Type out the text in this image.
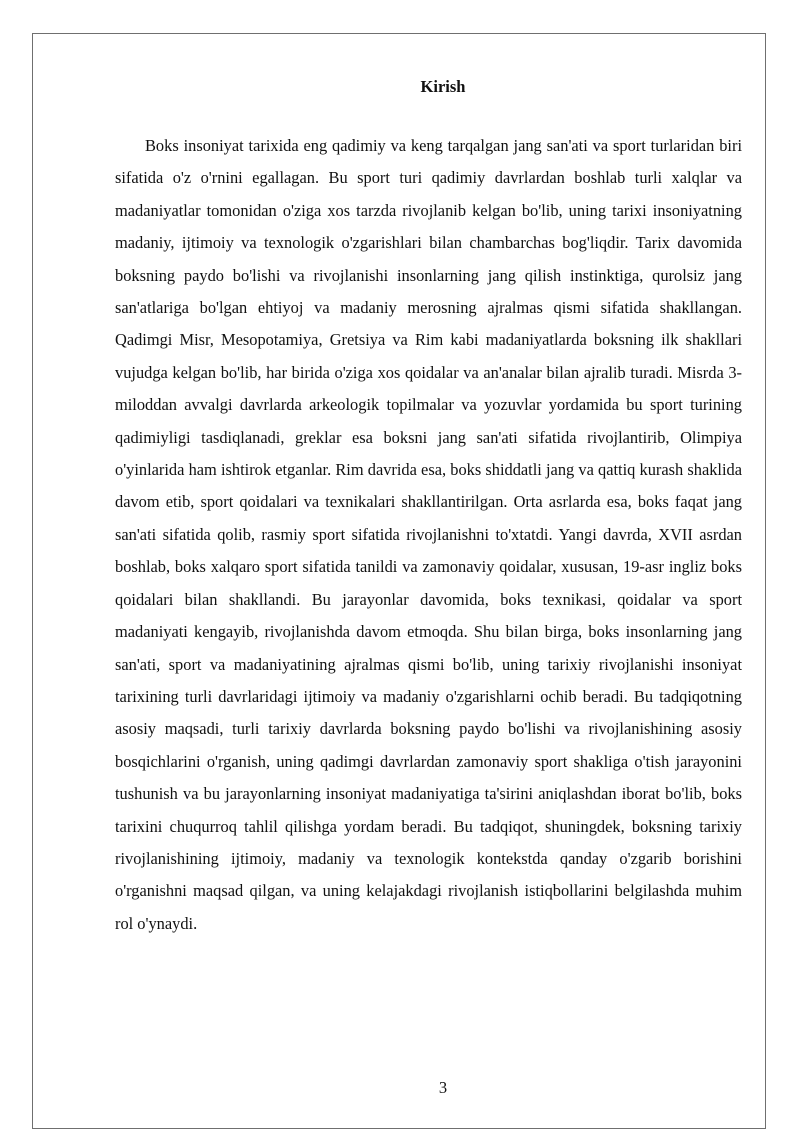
Kirish

Boks insoniyat tarixida eng qadimiy va keng tarqalgan jang san'ati va sport turlaridan biri sifatida o'z o'rnini egallagan. Bu sport turi qadimiy davrlardan boshlab turli xalqlar va madaniyatlar tomonidan o'ziga xos tarzda rivojlanib kelgan bo'lib, uning tarixi insoniyatning madaniy, ijtimoiy va texnologik o'zgarishlari bilan chambarchas bog'liqdir. Tarix davomida boksning paydo bo'lishi va rivojlanishi insonlarning jang qilish instinktiga, qurolsiz jang san'atlariga bo'lgan ehtiyoj va madaniy merosning ajralmas qismi sifatida shakllangan. Qadimgi Misr, Mesopotamiya, Gretsiya va Rim kabi madaniyatlarda boksning ilk shakllari vujudga kelgan bo'lib, har birida o'ziga xos qoidalar va an'analar bilan ajralib turadi. Misrda 3-miloddan avvalgi davrlarda arkeologik topilmalar va yozuvlar yordamida bu sport turining qadimiyligi tasdiqlanadi, greklar esa boksni jang san'ati sifatida rivojlantirib, Olimpiya o'yinlarida ham ishtirok etganlar. Rim davrida esa, boks shiddatli jang va qattiq kurash shaklida davom etib, sport qoidalari va texnikalari shakllantirilgan. Orta asrlarda esa, boks faqat jang san'ati sifatida qolib, rasmiy sport sifatida rivojlanishni to'xtatdi. Yangi davrda, XVII asrdan boshlab, boks xalqaro sport sifatida tanildi va zamonaviy qoidalar, xususan, 19-asr ingliz boks qoidalari bilan shakllandi. Bu jarayonlar davomida, boks texnikasi, qoidalar va sport madaniyati kengayib, rivojlanishda davom etmoqda. Shu bilan birga, boks insonlarning jang san'ati, sport va madaniyatining ajralmas qismi bo'lib, uning tarixiy rivojlanishi insoniyat tarixining turli davrlaridagi ijtimoiy va madaniy o'zgarishlarni ochib beradi. Bu tadqiqotning asosiy maqsadi, turli tarixiy davrlarda boksning paydo bo'lishi va rivojlanishining asosiy bosqichlarini o'rganish, uning qadimgi davrlardan zamonaviy sport shakliga o'tish jarayonini tushunish va bu jarayonlarning insoniyat madaniyatiga ta'sirini aniqlashdan iborat bo'lib, boks tarixini chuqurroq tahlil qilishga yordam beradi. Bu tadqiqot, shuningdek, boksning tarixiy rivojlanishining ijtimoiy, madaniy va texnologik kontekstda qanday o'zgarib borishini o'rganishni maqsad qilgan, va uning kelajakdagi rivojlanish istiqbollarini belgilashda muhim rol o'ynaydi.

3
